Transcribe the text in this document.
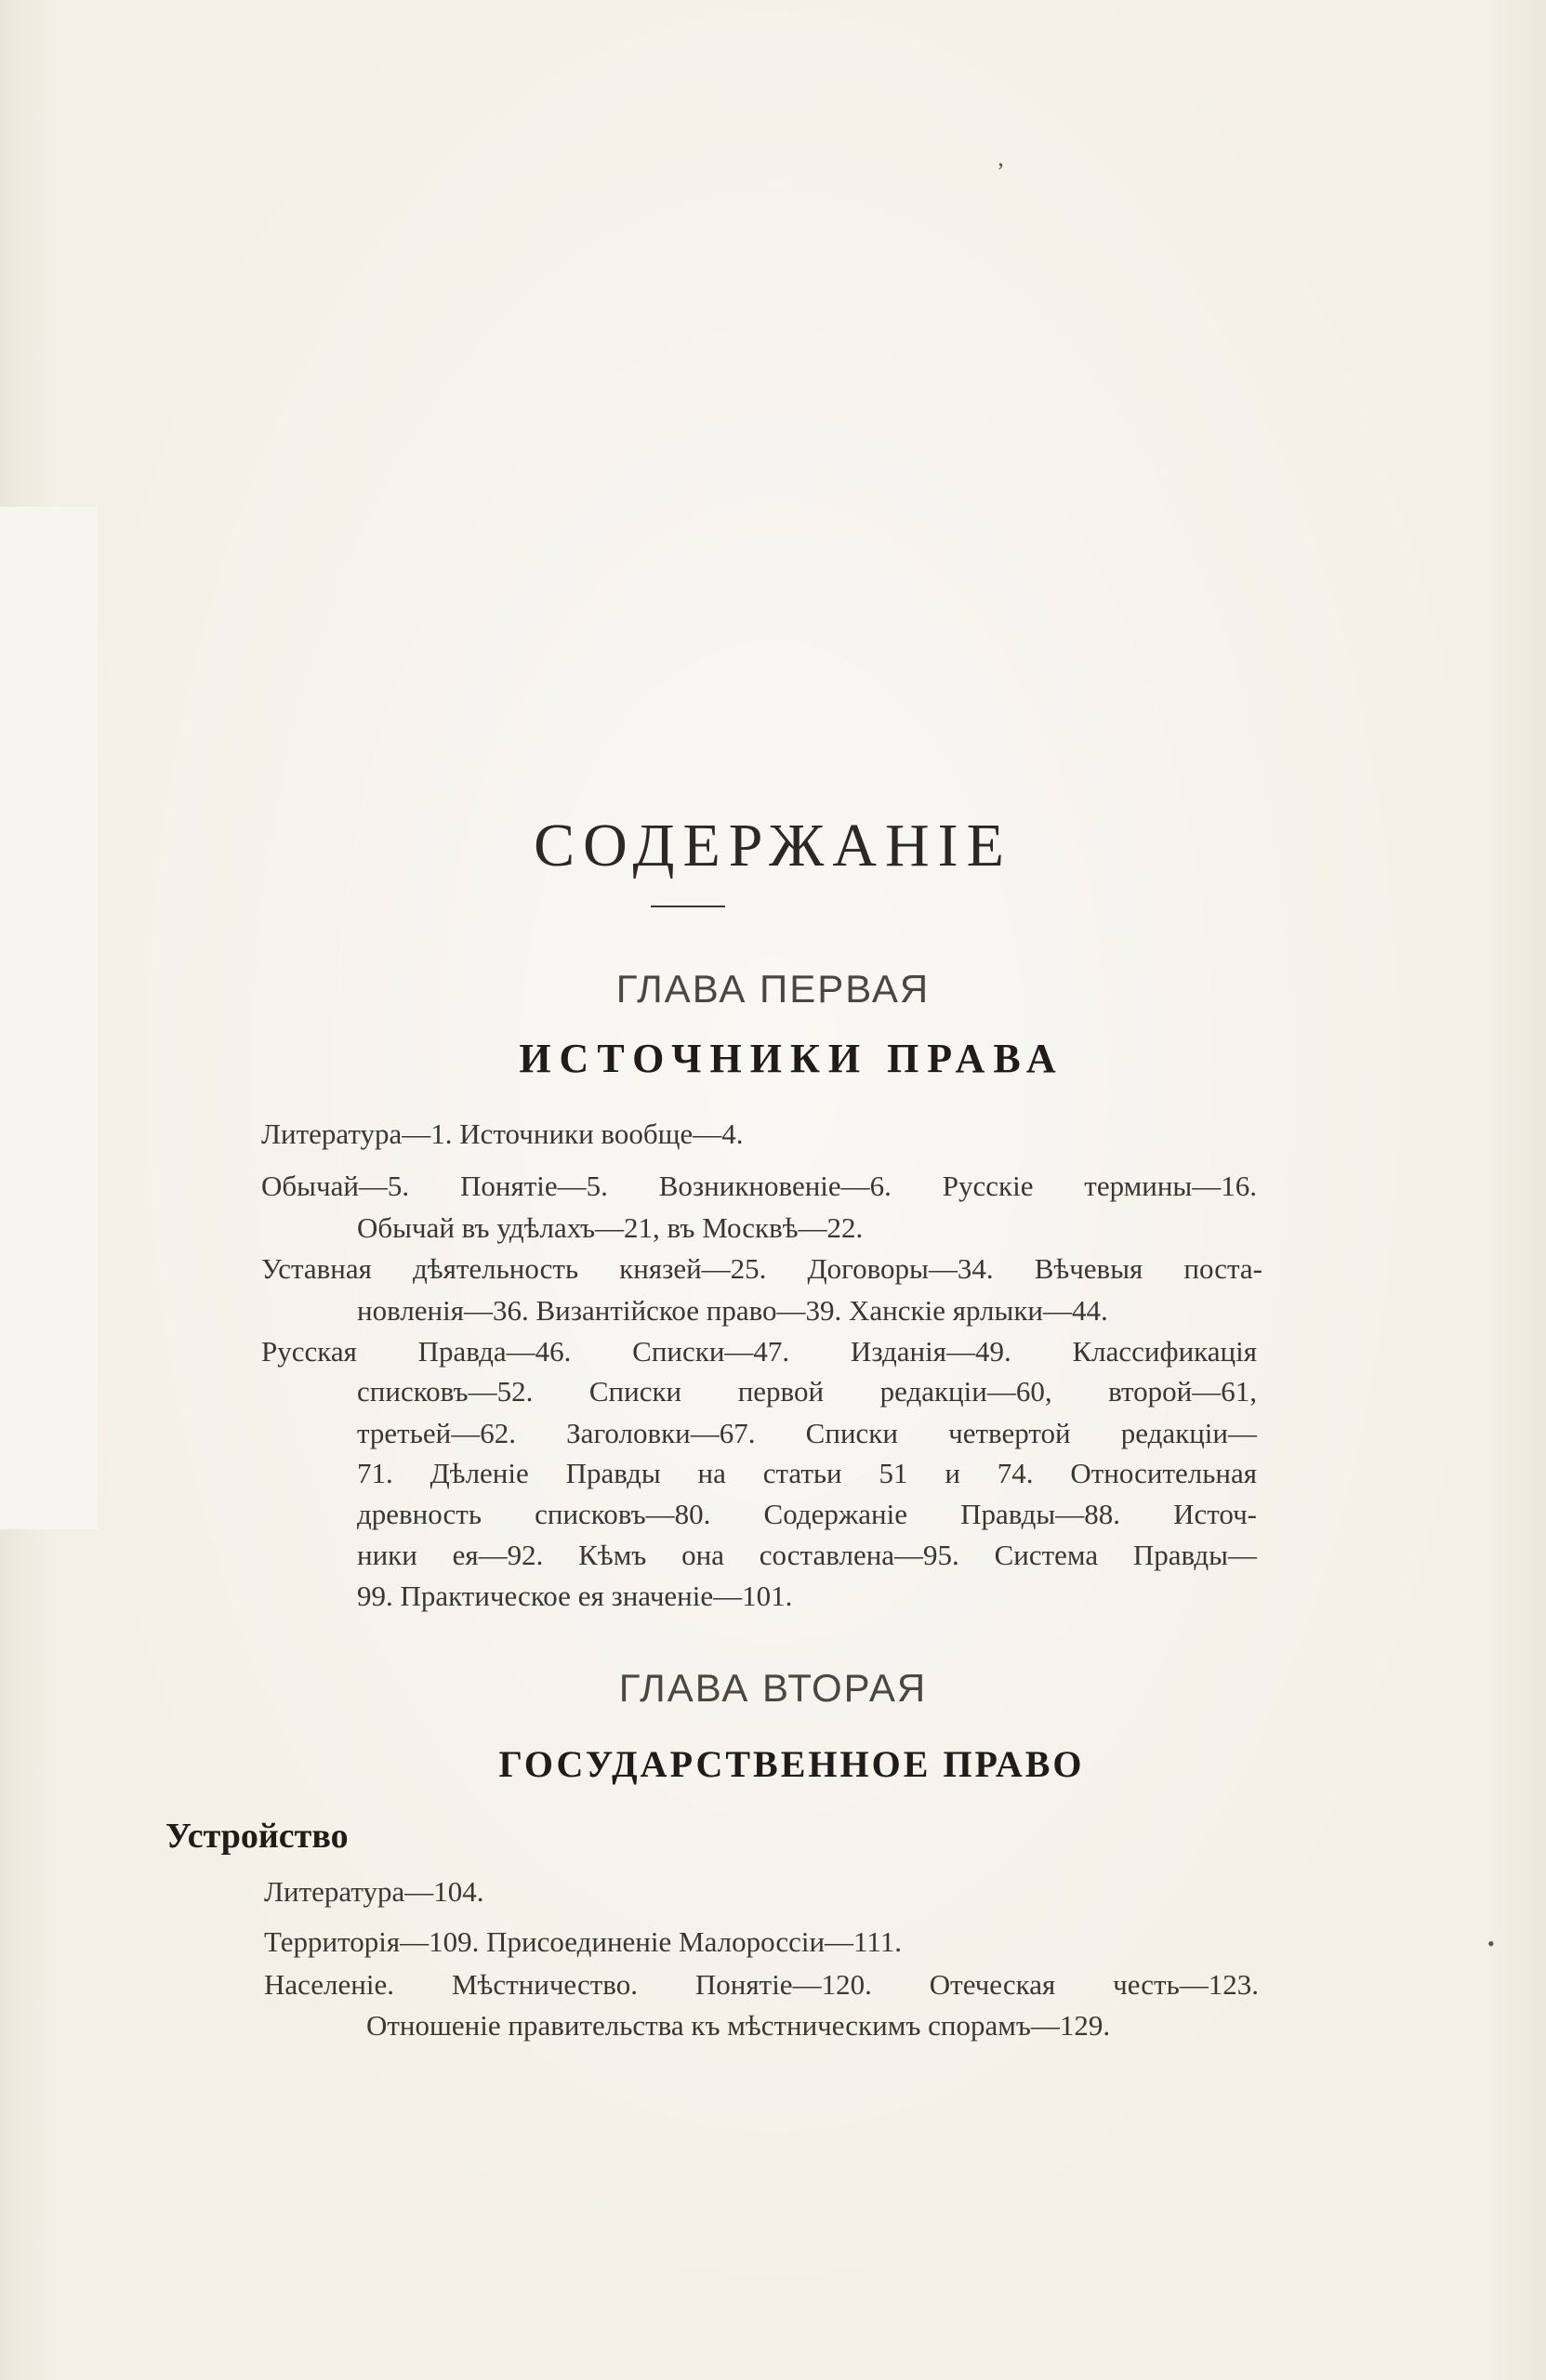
ʼ
СОДЕРЖАНІЕ
ГЛАВА ПЕРВАЯ
ИСТОЧНИКИ ПРАВА
Литература—1. Источники вообще—4.
Обычай—5. Понятіе—5. Возникновеніе—6. Русскіе термины—16.
Обычай въ удѣлахъ—21, въ Москвѣ—22.
Уставная дѣятельность князей—25. Договоры—34. Вѣчевыя поста-
новленія—36. Византійское право—39. Ханскіе ярлыки—44.
Русская Правда—46. Списки—47. Изданія—49. Классификація
списковъ—52. Списки первой редакціи—60, второй—61,
третьей—62. Заголовки—67. Списки четвертой редакціи—
71. Дѣленіе Правды на статьи 51 и 74. Относительная
древность списковъ—80. Содержаніе Правды—88. Источ-
ники ея—92. Кѣмъ она составлена—95. Система Правды—
99. Практическое ея значеніе—101.
ГЛАВА ВТОРАЯ
ГОСУДАРСТВЕННОЕ ПРАВО
Устройство
Литература—104.
Территорія—109. Присоединеніе Малороссіи—111.
Населеніе. Мѣстничество. Понятіе—120. Отеческая честь—123.
Отношеніе правительства къ мѣстническимъ спорамъ—129.
•
